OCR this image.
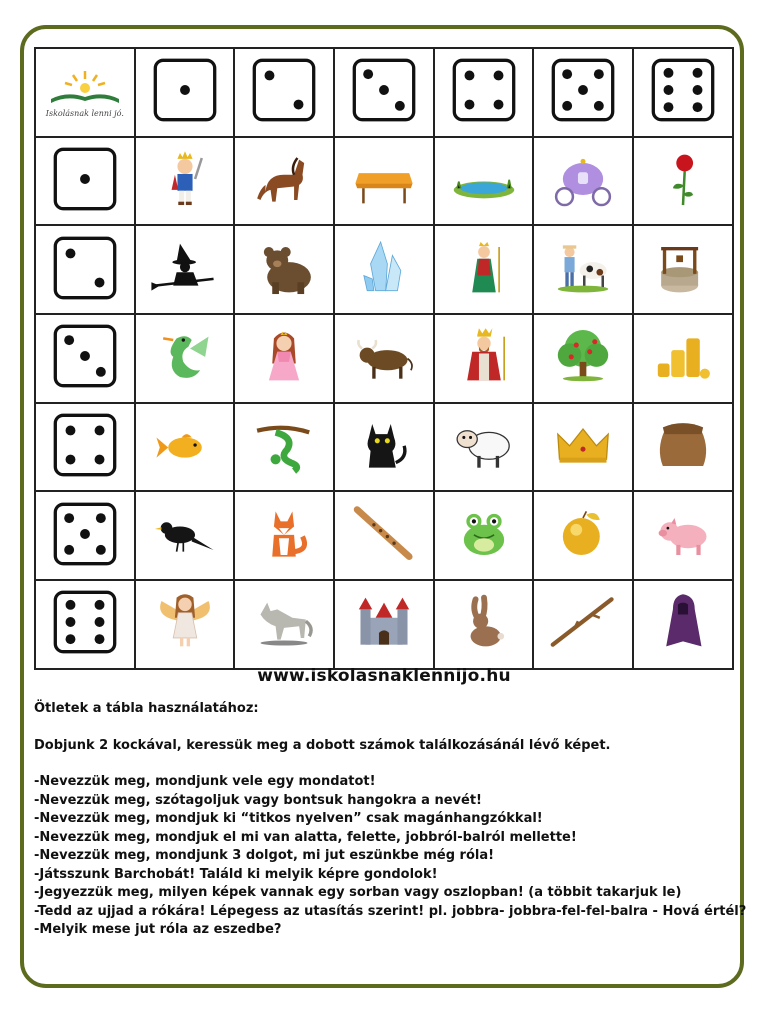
Iskolásnak lenni jó.
www.iskolasnaklennijo.hu

Ötletek a tábla használatához:

Dobjunk 2 kockával, keressük meg a dobott számok találkozásánál lévő képet.

-Nevezzük meg, mondjunk vele egy mondatot!

-Nevezzük meg, szótagoljuk vagy bontsuk hangokra a nevét!

-Nevezzük meg, mondjuk ki “titkos nyelven” csak magánhangzókkal!

-Nevezzük meg, mondjuk el mi van alatta, felette, jobbról-balról mellette!

-Nevezzük meg, mondjunk 3 dolgot, mi jut eszünkbe még róla!

-Játsszunk Barchobát! Találd ki melyik képre gondolok!

-Jegyezzük meg, milyen képek vannak egy sorban vagy oszlopban! (a többit takarjuk le)

-Tedd az ujjad a rókára! Lépegess az utasítás szerint! pl. jobbra- jobbra-fel-fel-balra - Hová értél?

-Melyik mese jut róla az eszedbe?
